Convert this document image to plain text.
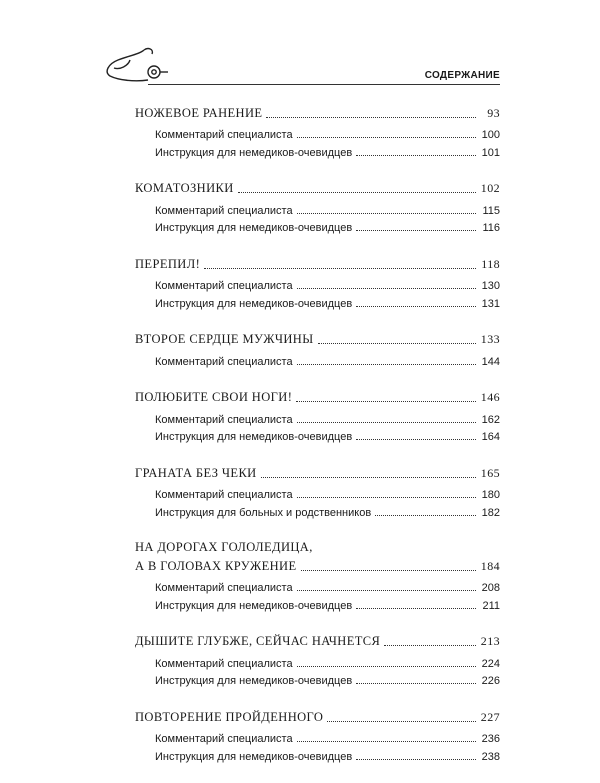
СОДЕРЖАНИЕ
НОЖЕВОЕ РАНЕНИЕ	93
Комментарий специалиста	100
Инструкция для немедиков-очевидцев	101
КОМАТОЗНИКИ	102
Комментарий специалиста	115
Инструкция для немедиков-очевидцев	116
ПЕРЕПИЛ!	118
Комментарий специалиста	130
Инструкция для немедиков-очевидцев	131
ВТОРОЕ СЕРДЦЕ МУЖЧИНЫ	133
Комментарий специалиста	144
ПОЛЮБИТЕ СВОИ НОГИ!	146
Комментарий специалиста	162
Инструкция для немедиков-очевидцев	164
ГРАНАТА БЕЗ ЧЕКИ	165
Комментарий специалиста	180
Инструкция для больных и родственников	182
НА ДОРОГАХ ГОЛОЛЕДИЦА,
А В ГОЛОВАХ КРУЖЕНИЕ	184
Комментарий специалиста	208
Инструкция для немедиков-очевидцев	211
ДЫШИТЕ ГЛУБЖЕ, СЕЙЧАС НАЧНЕТСЯ	213
Комментарий специалиста	224
Инструкция для немедиков-очевидцев	226
ПОВТОРЕНИЕ ПРОЙДЕННОГО	227
Комментарий специалиста	236
Инструкция для немедиков-очевидцев	238
